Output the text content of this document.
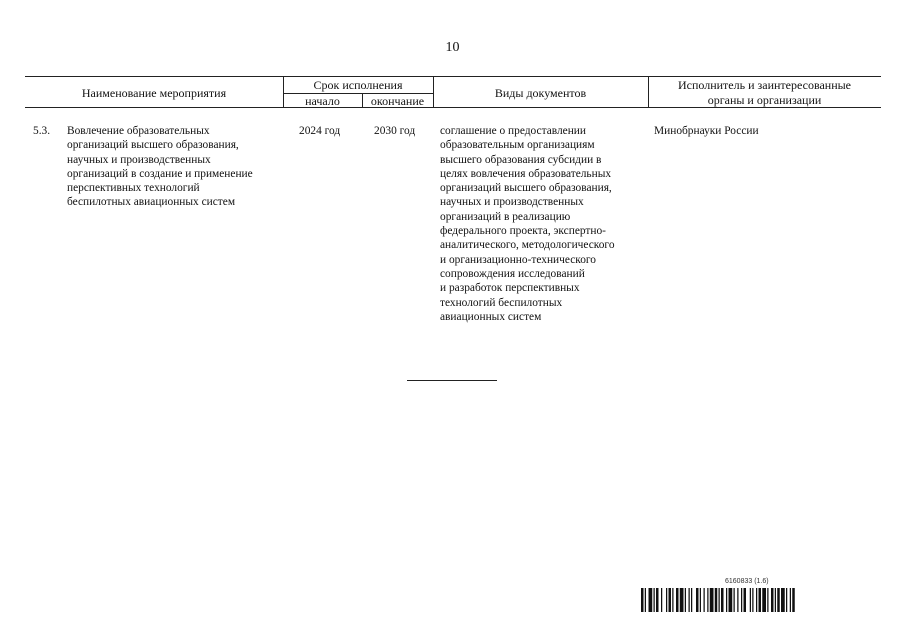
10
Наименование мероприятия
Срок исполнения
начало	окончание
Виды документов
Исполнитель и заинтересованные
органы и организации
5.3. Вовлечение образовательных
организаций высшего образования,
научных и производственных
организаций в создание и применение
перспективных технологий
беспилотных авиационных систем
2024 год	2030 год соглашение о предоставлении
образовательным организациям
высшего образования субсидии в
целях вовлечения образовательных
организаций высшего образования,
научных и производственных
организаций в реализацию
федерального проекта, экспертно-
аналитического, методологического
и организационно-технического
сопровождения исследований
и разработок перспективных
технологий беспилотных
авиационных систем
Минобрнауки России
6160833 (1.6)
